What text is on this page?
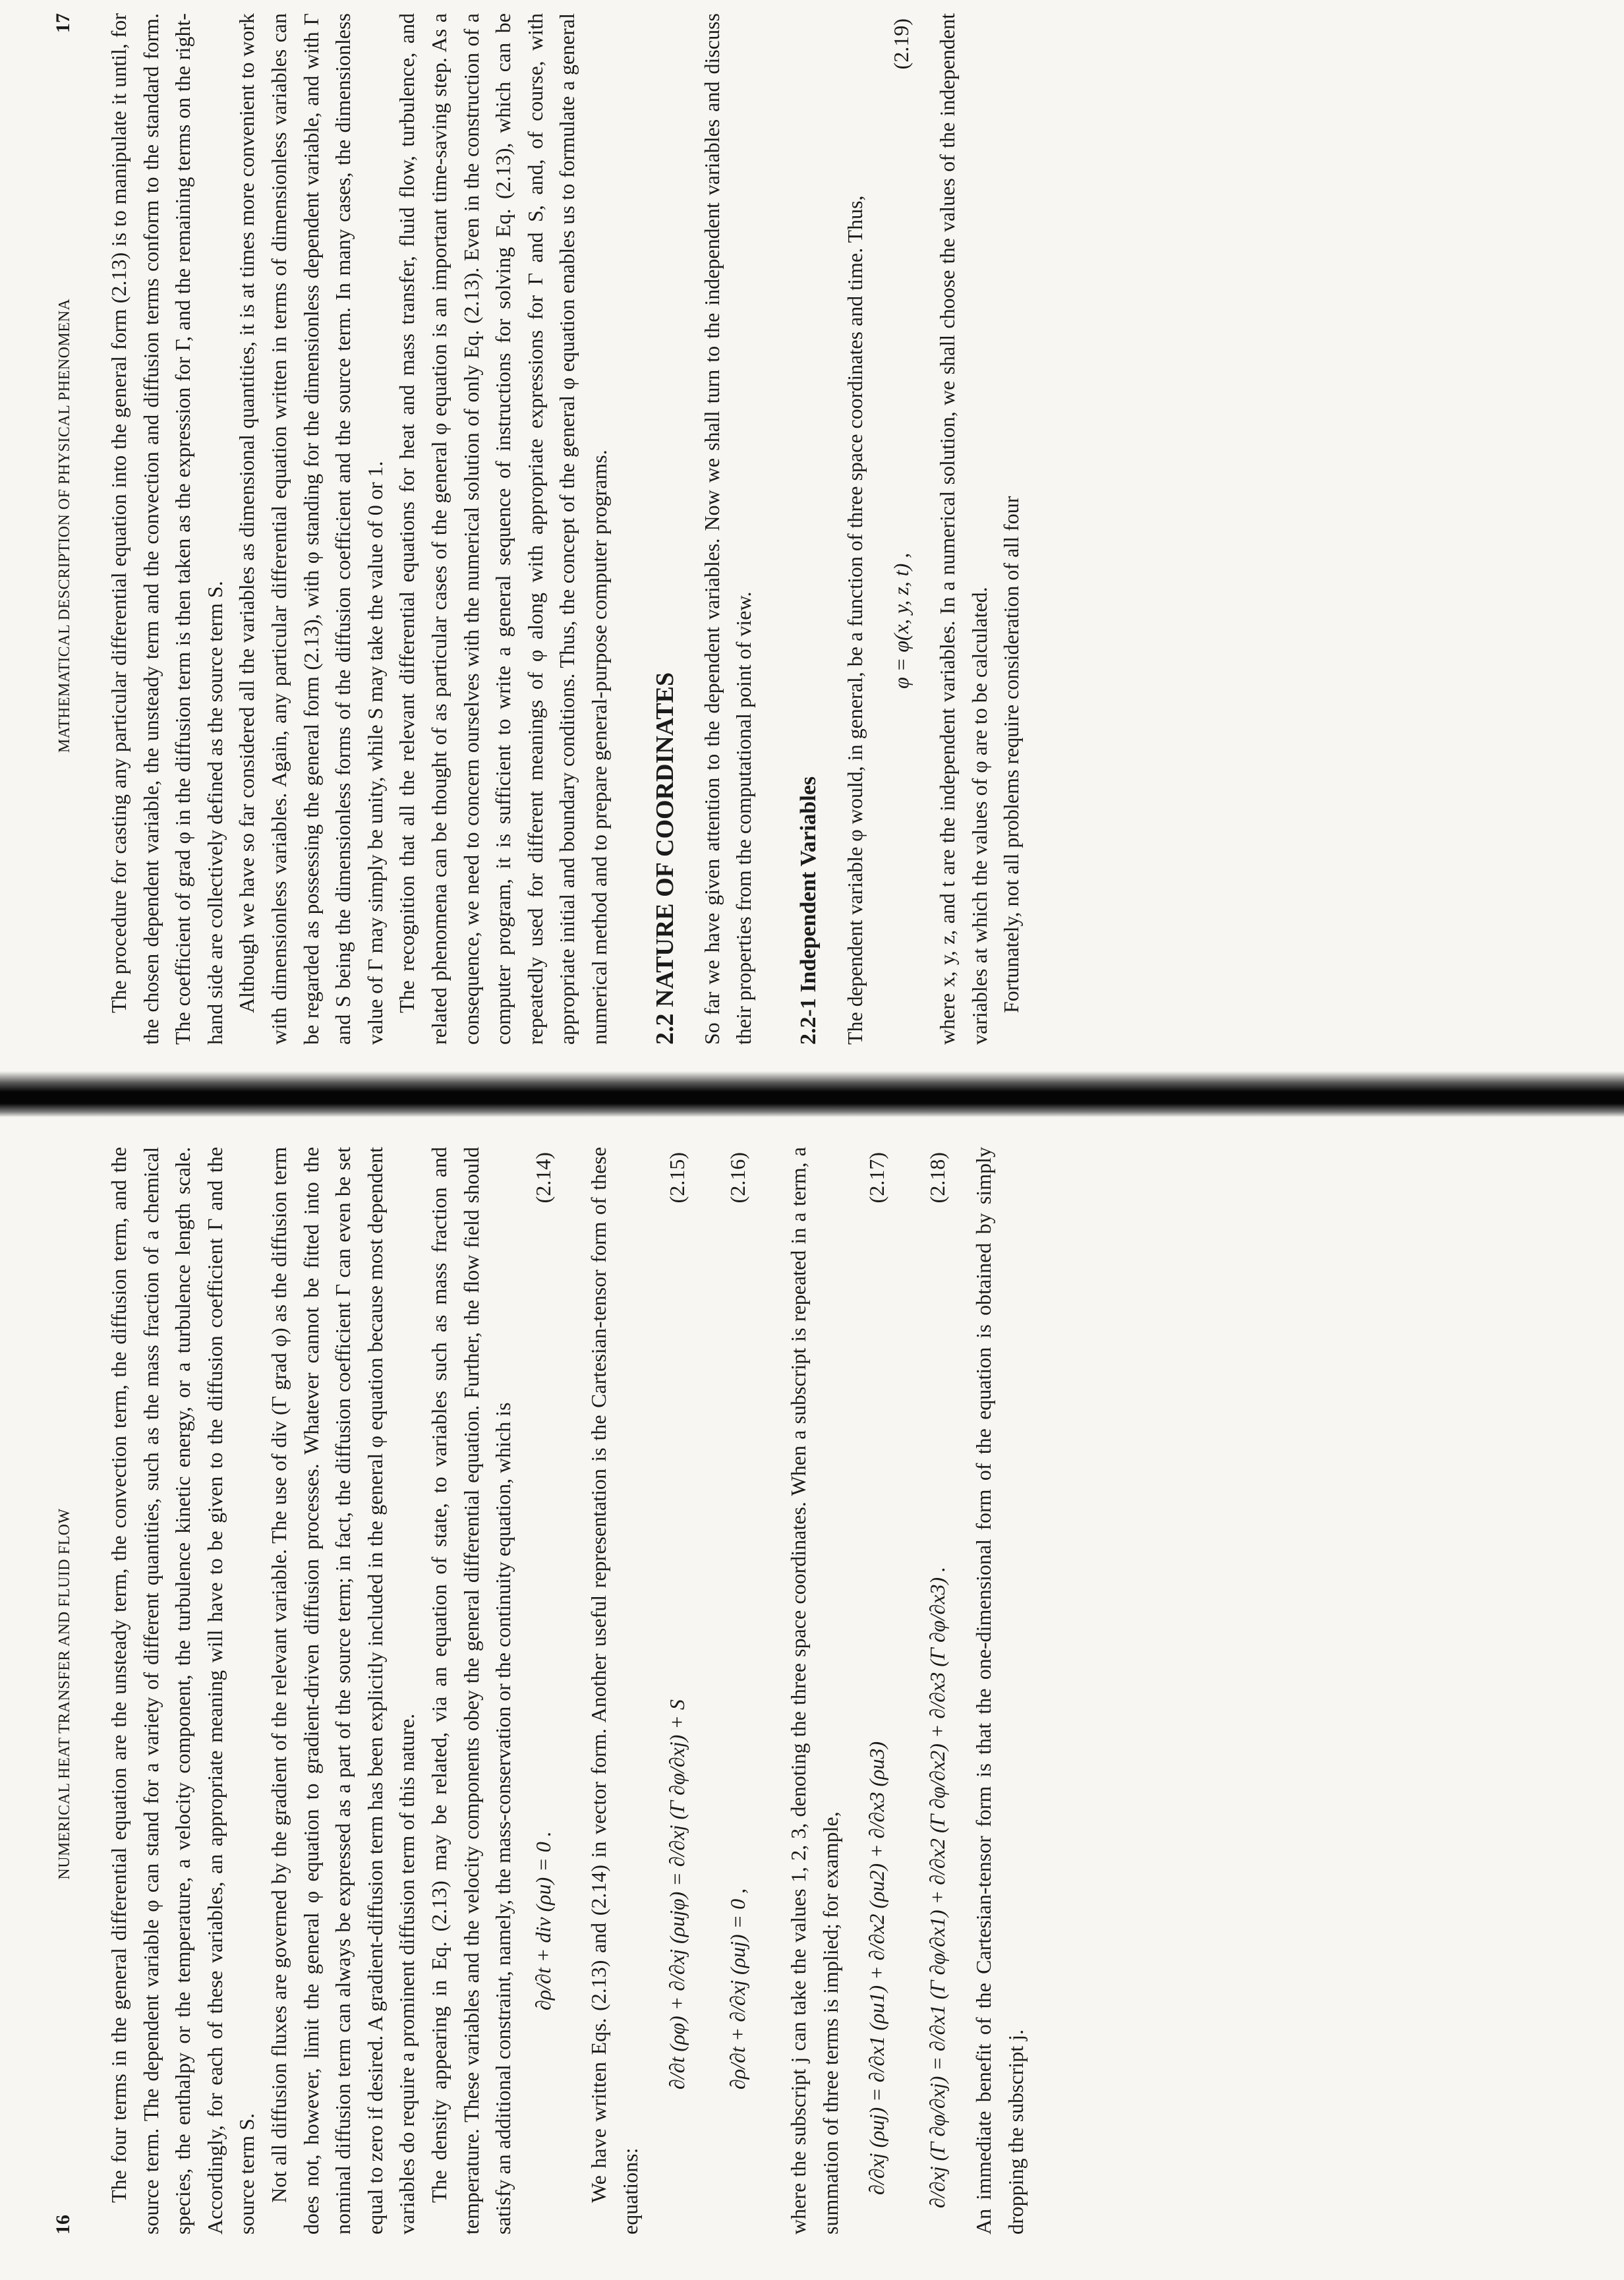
16
NUMERICAL HEAT TRANSFER AND FLUID FLOW	The four terms in the general differential equation are the unsteady term, the convection term, the diffusion term, and the source term. The dependent variable φ can stand for a variety of different quantities, such as the mass fraction of a chemical species, the enthalpy or the temperature, a velocity component, the turbulence kinetic energy, or a turbulence length scale. Accordingly, for each of these variables, an appropriate meaning will have to be given to the diffusion coefficient Γ and the source term S. Not all diffusion fluxes are governed by the gradient of the relevant variable. The use of div (Γ grad φ) as the diffusion term does not, however, limit the general φ equation to gradient-driven diffusion processes. Whatever cannot be fitted into the nominal diffusion term can always be expressed as a part of the source term; in fact, the diffusion coefficient Γ can even be set equal to zero if desired. A gradient-diffusion term has been explicitly included in the general φ equation because most dependent variables do require a prominent diffusion term of this nature. The density appearing in Eq. (2.13) may be related, via an equation of state, to variables such as mass fraction and temperature. These variables and the velocity components obey the general differential equation. Further, the flow field should satisfy an additional constraint, namely, the mass-conservation or the continuity equation, which is ∂ρ/∂t + div (ρu) = 0 .
(2.14) We have written Eqs. (2.13) and (2.14) in vector form. Another useful representation is the Cartesian-tensor form of these equations:

∂/∂t (ρφ) + ∂/∂xj (ρujφ) = ∂/∂xj (Γ ∂φ/∂xj) + S
(2.15)
∂ρ/∂t + ∂/∂xj (ρuj) = 0 ,
(2.16) where the subscript j can take the values 1, 2, 3, denoting the three space coordinates. When a subscript is repeated in a term, a summation of three terms is implied; for example, ∂/∂xj (ρuj) = ∂/∂x1 (ρu1) + ∂/∂x2 (ρu2) + ∂/∂x3 (ρu3)
(2.17)
∂/∂xj (Γ ∂φ/∂xj) = ∂/∂x1 (Γ ∂φ/∂x1) + ∂/∂x2 (Γ ∂φ/∂x2) + ∂/∂x3 (Γ ∂φ/∂x3) .
(2.18) An immediate benefit of the Cartesian-tensor form is that the one-dimensional form of the equation is obtained by simply dropping the subscript j.

MATHEMATICAL DESCRIPTION OF PHYSICAL PHENOMENA
17 The procedure for casting any particular differential equation into the general form (2.13) is to manipulate it until, for the chosen dependent variable, the unsteady term and the convection and diffusion terms conform to the standard form. The coefficient of grad φ in the diffusion term is then taken as the expression for Γ, and the remaining terms on the right-hand side are collectively defined as the source term S. Although we have so far considered all the variables as dimensional quantities, it is at times more convenient to work with dimensionless variables. Again, any particular differential equation written in terms of dimensionless variables can be regarded as possessing the general form (2.13), with φ standing for the dimensionless dependent variable, and with Γ and S being the dimensionless forms of the diffusion coefficient and the source term. In many cases, the dimensionless value of Γ may simply be unity, while S may take the value of 0 or 1. The recognition that all the relevant differential equations for heat and mass transfer, fluid flow, turbulence, and related phenomena can be thought of as particular cases of the general φ equation is an important time-saving step. As a consequence, we need to concern ourselves with the numerical solution of only Eq. (2.13). Even in the construction of a computer program, it is sufficient to write a general sequence of instructions for solving Eq. (2.13), which can be repeatedly used for different meanings of φ along with appropriate expressions for Γ and S, and, of course, with appropriate initial and boundary conditions. Thus, the concept of the general φ equation enables us to formulate a general numerical method and to prepare general-purpose computer programs. 2.2 NATURE OF COORDINATES So far we have given attention to the dependent variables. Now we shall turn to the independent variables and discuss their properties from the computational point of view. 2.2-1 Independent Variables The dependent variable φ would, in general, be a function of three space coordinates and time. Thus, φ = φ(x, y, z, t) ,
(2.19) where x, y, z, and t are the independent variables. In a numerical solution, we shall choose the values of the independent variables at which the values of φ are to be calculated. Fortunately, not all problems require consideration of all four
